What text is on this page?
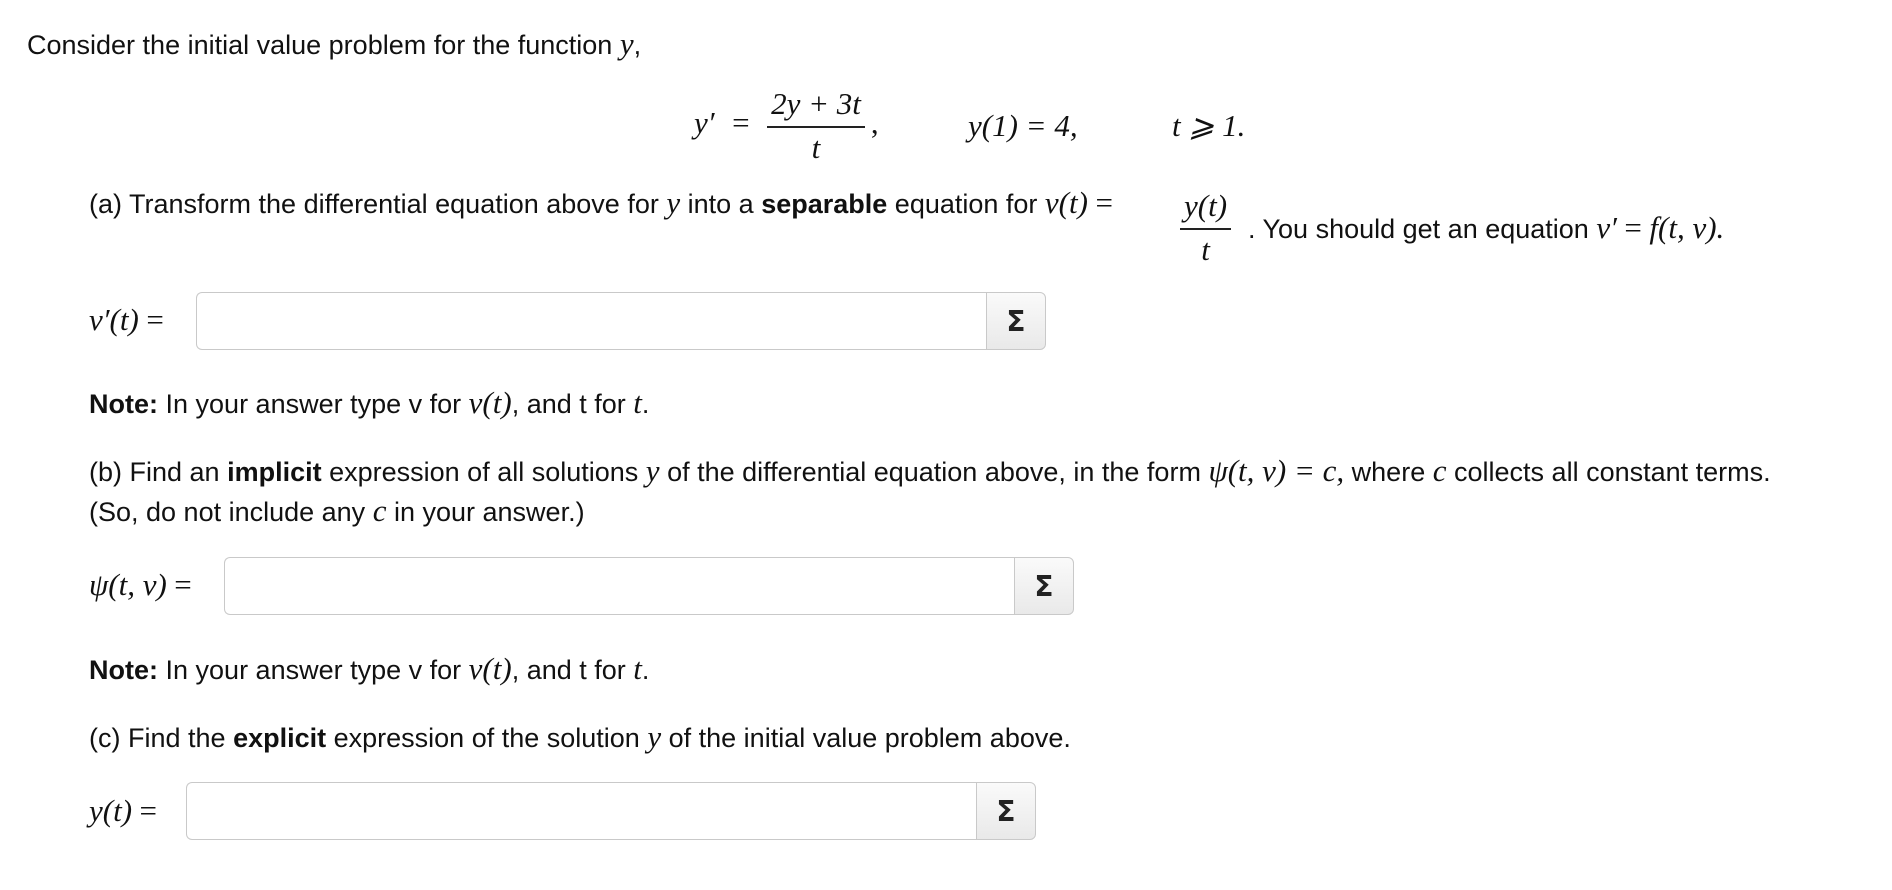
Consider the initial value problem for the function y,
$y' = \frac{2y + 3t}{t}$ ,	y(1) = 4,	t ⩾ 1.
(a) Transform the differential equation above for y into a separable equation for $v(t) = \frac{y(t)}{t}$ . You should get an equation v′ = f(t, v).
v′(t) =	Σ
Note: In your answer type v for v(t), and t for t.
(b) Find an implicit expression of all solutions y of the differential equation above, in the form ψ(t, v) = c, where c collects all constant terms.
(So, do not include any c in your answer.)
ψ(t, v) =	Σ
Note: In your answer type v for v(t), and t for t.
(c) Find the explicit expression of the solution y of the initial value problem above.
y(t) =	Σ
